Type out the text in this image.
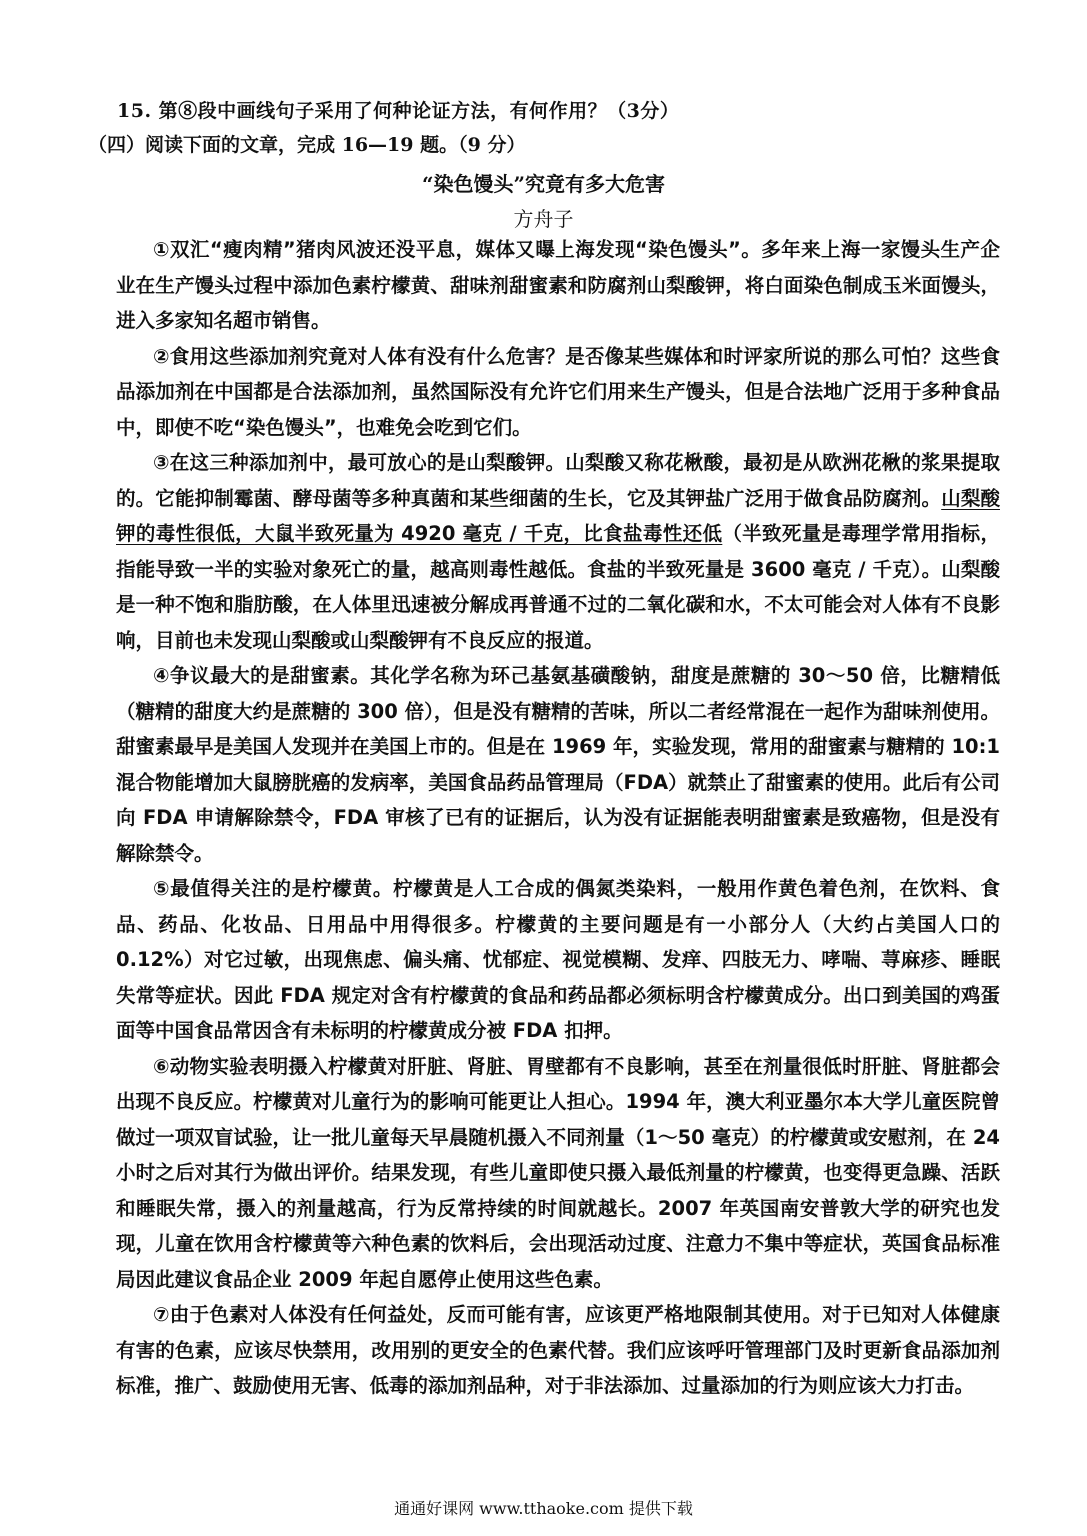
15. 第⑧段中画线句子采用了何种论证方法，有何作用？（3分）
（四）阅读下面的文章，完成 16—19 题。（9 分）
“染色馒头”究竟有多大危害
方舟子

①双汇“瘦肉精”猪肉风波还没平息，媒体又曝上海发现“染色馒头”。多年来上海一家馒头生产企业在生产馒头过程中添加色素柠檬黄、甜味剂甜蜜素和防腐剂山梨酸钾，将白面染色制成玉米面馒头，进入多家知名超市销售。

②食用这些添加剂究竟对人体有没有什么危害？是否像某些媒体和时评家所说的那么可怕？这些食品添加剂在中国都是合法添加剂，虽然国际没有允许它们用来生产馒头，但是合法地广泛用于多种食品中，即使不吃“染色馒头”，也难免会吃到它们。

③在这三种添加剂中，最可放心的是山梨酸钾。山梨酸又称花楸酸，最初是从欧洲花楸的浆果提取的。它能抑制霉菌、酵母菌等多种真菌和某些细菌的生长，它及其钾盐广泛用于做食品防腐剂。山梨酸钾的毒性很低，大鼠半致死量为 4920 毫克 / 千克，比食盐毒性还低（半致死量是毒理学常用指标，指能导致一半的实验对象死亡的量，越高则毒性越低。食盐的半致死量是 3600 毫克 / 千克）。山梨酸是一种不饱和脂肪酸，在人体里迅速被分解成再普通不过的二氧化碳和水，不太可能会对人体有不良影响，目前也未发现山梨酸或山梨酸钾有不良反应的报道。

④争议最大的是甜蜜素。其化学名称为环己基氨基磺酸钠，甜度是蔗糖的 30～50 倍，比糖精低（糖精的甜度大约是蔗糖的 300 倍），但是没有糖精的苦味，所以二者经常混在一起作为甜味剂使用。甜蜜素最早是美国人发现并在美国上市的。但是在 1969 年，实验发现，常用的甜蜜素与糖精的 10:1 混合物能增加大鼠膀胱癌的发病率，美国食品药品管理局（FDA）就禁止了甜蜜素的使用。此后有公司向 FDA 申请解除禁令，FDA 审核了已有的证据后，认为没有证据能表明甜蜜素是致癌物，但是没有解除禁令。

⑤最值得关注的是柠檬黄。柠檬黄是人工合成的偶氮类染料，一般用作黄色着色剂，在饮料、食品、药品、化妆品、日用品中用得很多。柠檬黄的主要问题是有一小部分人（大约占美国人口的 0.12%）对它过敏，出现焦虑、偏头痛、忧郁症、视觉模糊、发痒、四肢无力、哮喘、荨麻疹、睡眠失常等症状。因此 FDA 规定对含有柠檬黄的食品和药品都必须标明含柠檬黄成分。出口到美国的鸡蛋面等中国食品常因含有未标明的柠檬黄成分被 FDA 扣押。

⑥动物实验表明摄入柠檬黄对肝脏、肾脏、胃壁都有不良影响，甚至在剂量很低时肝脏、肾脏都会出现不良反应。柠檬黄对儿童行为的影响可能更让人担心。1994 年，澳大利亚墨尔本大学儿童医院曾做过一项双盲试验，让一批儿童每天早晨随机摄入不同剂量（1～50 毫克）的柠檬黄或安慰剂，在 24 小时之后对其行为做出评价。结果发现，有些儿童即使只摄入最低剂量的柠檬黄，也变得更急躁、活跃和睡眠失常，摄入的剂量越高，行为反常持续的时间就越长。2007 年英国南安普敦大学的研究也发现，儿童在饮用含柠檬黄等六种色素的饮料后，会出现活动过度、注意力不集中等症状，英国食品标准局因此建议食品企业 2009 年起自愿停止使用这些色素。

⑦由于色素对人体没有任何益处，反而可能有害，应该更严格地限制其使用。对于已知对人体健康有害的色素，应该尽快禁用，改用别的更安全的色素代替。我们应该呼吁管理部门及时更新食品添加剂标准，推广、鼓励使用无害、低毒的添加剂品种，对于非法添加、过量添加的行为则应该大力打击。

通通好课网 www.tthaoke.com 提供下载
